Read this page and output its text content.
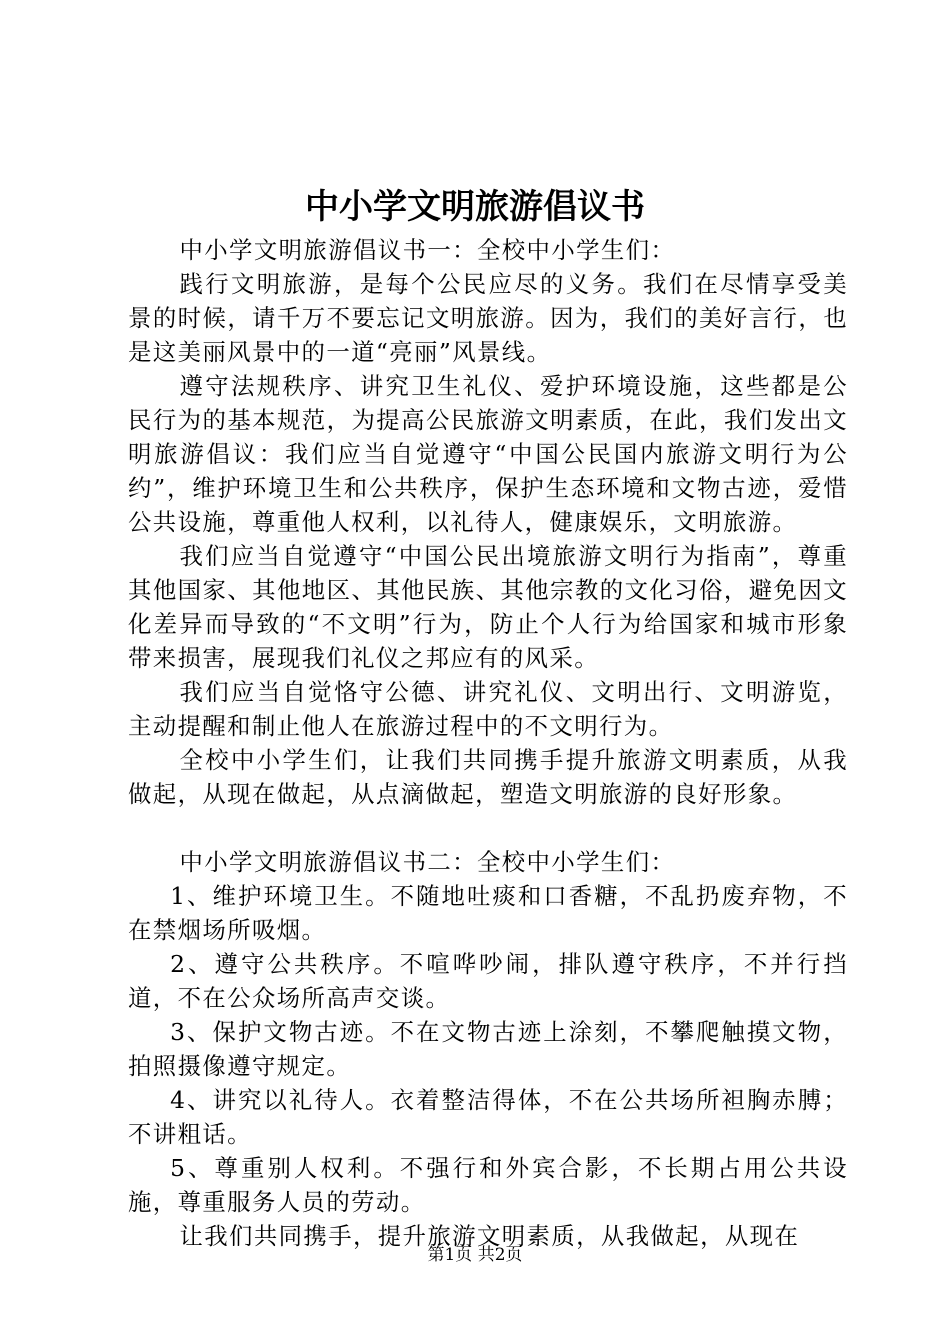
中小学文明旅游倡议书

中小学文明旅游倡议书一：全校中小学生们：

践行文明旅游，是每个公民应尽的义务。我们在尽情享受美景的时候，请千万不要忘记文明旅游。因为，我们的美好言行，也是这美丽风景中的一道“亮丽”风景线。

遵守法规秩序、讲究卫生礼仪、爱护环境设施，这些都是公民行为的基本规范，为提高公民旅游文明素质，在此，我们发出文明旅游倡议：我们应当自觉遵守“中国公民国内旅游文明行为公约”，维护环境卫生和公共秩序，保护生态环境和文物古迹，爱惜公共设施，尊重他人权利，以礼待人，健康娱乐，文明旅游。

我们应当自觉遵守“中国公民出境旅游文明行为指南”，尊重其他国家、其他地区、其他民族、其他宗教的文化习俗，避免因文化差异而导致的“不文明”行为，防止个人行为给国家和城市形象带来损害，展现我们礼仪之邦应有的风采。

我们应当自觉恪守公德、讲究礼仪、文明出行、文明游览，主动提醒和制止他人在旅游过程中的不文明行为。

全校中小学生们，让我们共同携手提升旅游文明素质，从我做起，从现在做起，从点滴做起，塑造文明旅游的良好形象。

中小学文明旅游倡议书二：全校中小学生们：

1、维护环境卫生。不随地吐痰和口香糖，不乱扔废弃物，不在禁烟场所吸烟。

2、遵守公共秩序。不喧哗吵闹，排队遵守秩序，不并行挡道，不在公众场所高声交谈。

3、保护文物古迹。不在文物古迹上涂刻，不攀爬触摸文物，拍照摄像遵守规定。

4、讲究以礼待人。衣着整洁得体，不在公共场所袒胸赤膊；不讲粗话。

5、尊重别人权利。不强行和外宾合影，不长期占用公共设施，尊重服务人员的劳动。

让我们共同携手，提升旅游文明素质，从我做起，从现在

第1页 共2页
